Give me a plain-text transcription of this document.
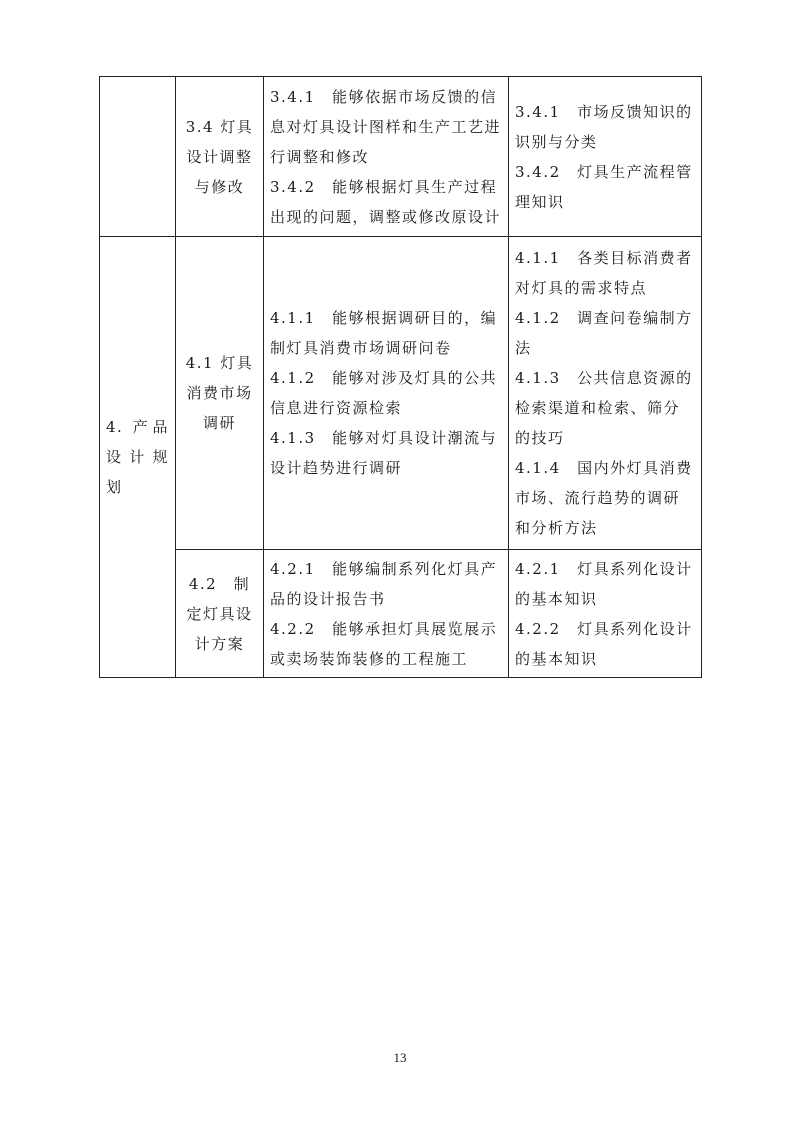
	3.4 灯具设计调整与修改	3.4.1　能够依据市场反馈的信息对灯具设计图样和生产工艺进行调整和修改
3.4.2　能够根据灯具生产过程出现的问题，调整或修改原设计	3.4.1　市场反馈知识的识别与分类
3.4.2　灯具生产流程管理知识

4. 产品设计规划	4.1 灯具消费市场调研	4.1.1　能够根据调研目的，编制灯具消费市场调研问卷
4.1.2　能够对涉及灯具的公共信息进行资源检索
4.1.3　能够对灯具设计潮流与设计趋势进行调研	4.1.1　各类目标消费者对灯具的需求特点
4.1.2　调查问卷编制方法
4.1.3　公共信息资源的检索渠道和检索、筛分的技巧
4.1.4　国内外灯具消费市场、流行趋势的调研和分析方法

	4.2　制定灯具设计方案	4.2.1　能够编制系列化灯具产品的设计报告书
4.2.2　能够承担灯具展览展示或卖场装饰装修的工程施工	4.2.1　灯具系列化设计的基本知识
4.2.2　灯具系列化设计的基本知识
13
